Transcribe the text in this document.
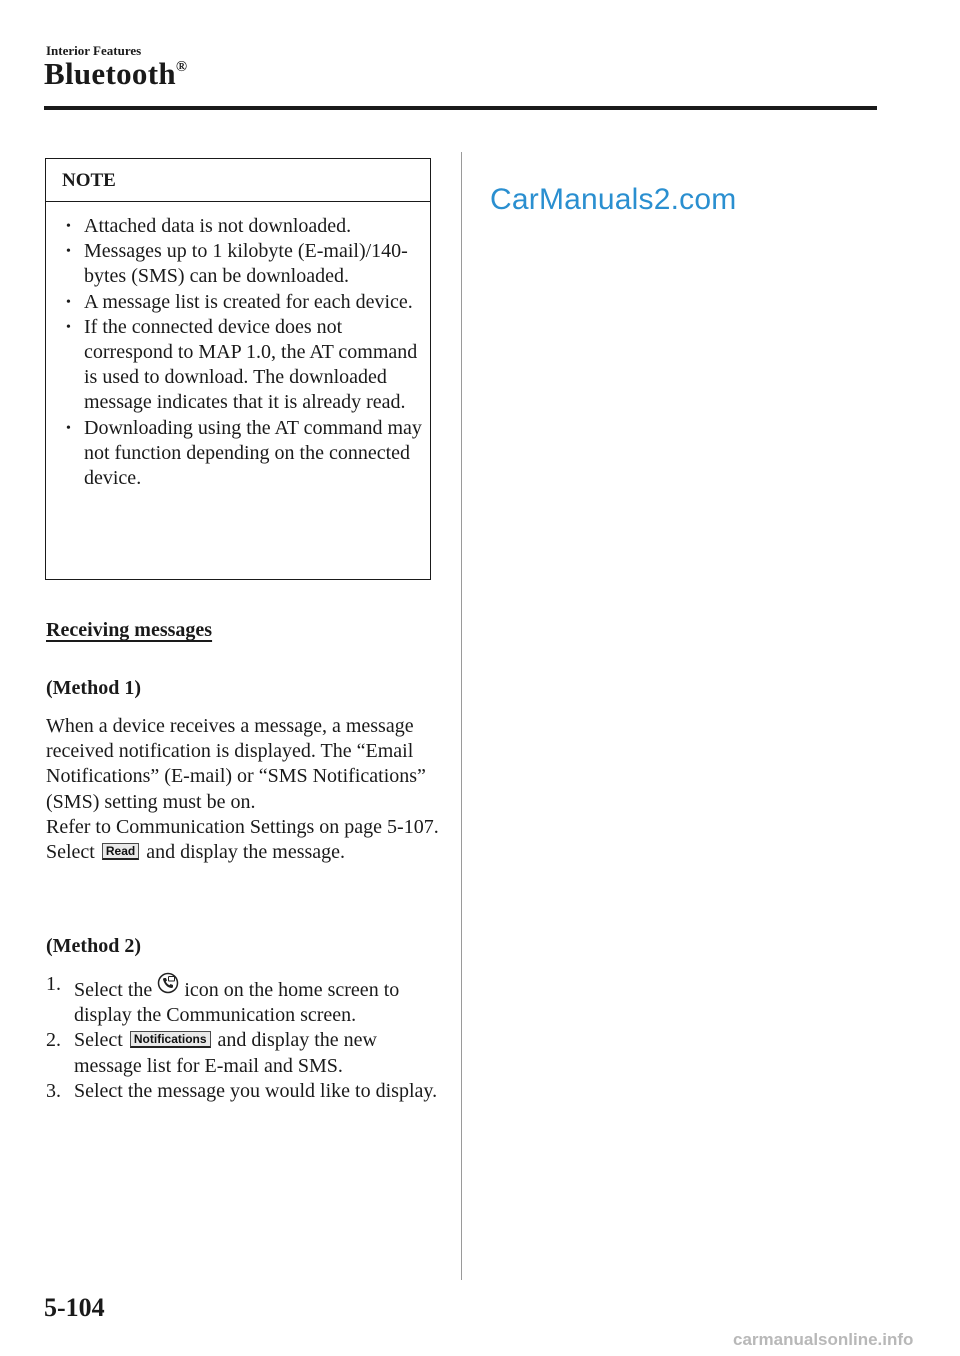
Interior Features
Bluetooth®
NOTE
• Attached data is not downloaded.
• Messages up to 1 kilobyte (E-mail)/140-bytes (SMS) can be downloaded.
• A message list is created for each device.
• If the connected device does not correspond to MAP 1.0, the AT command is used to download. The downloaded message indicates that it is already read.
• Downloading using the AT command may not function depending on the connected device.
Receiving messages
(Method 1)

When a device receives a message, a message received notification is displayed. The “Email Notifications” (E-mail) or “SMS Notifications” (SMS) setting must be on.

Refer to Communication Settings on page 5-107.

Select Read and display the message.

(Method 2)
1. Select the icon on the home screen to display the Communication screen.
2. Select Notifications and display the new message list for E-mail and SMS.
3. Select the message you would like to display.
CarManuals2.com
5-104
carmanualsonline.info
